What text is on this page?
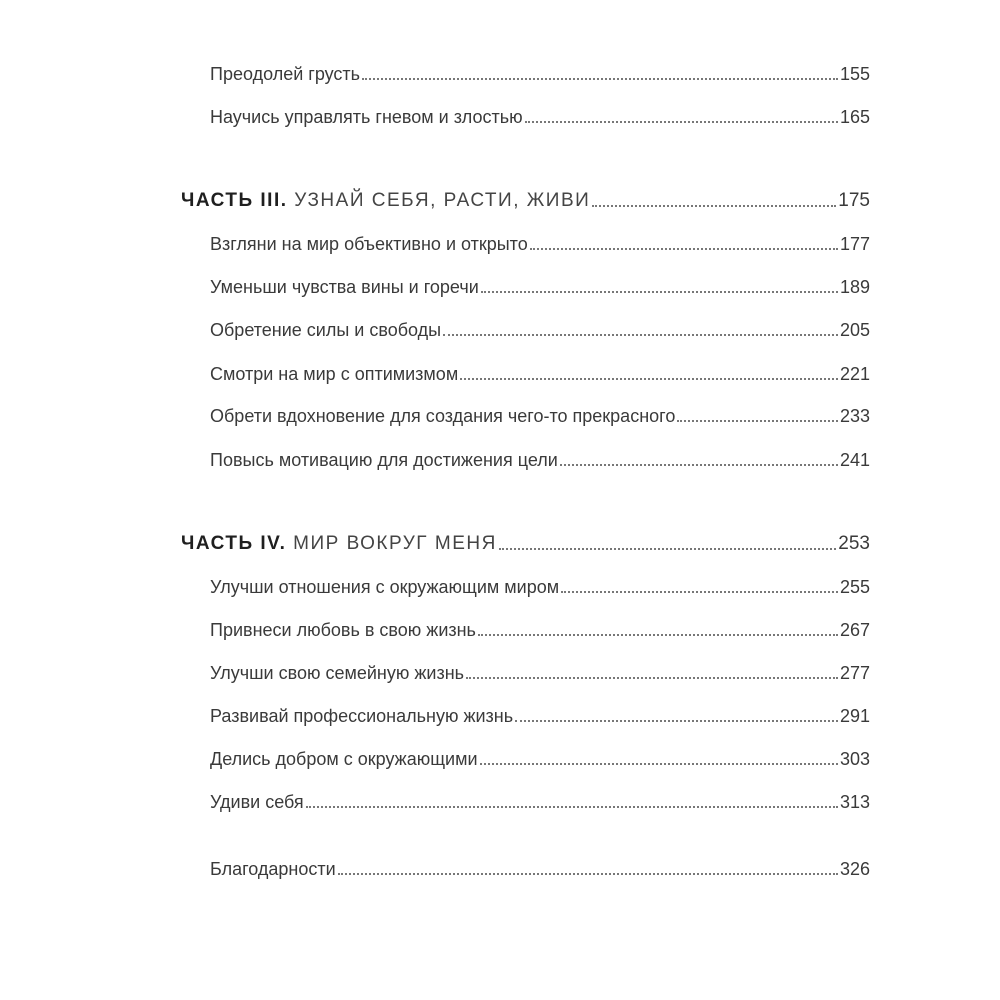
Преодолей грусть	155
Научись управлять гневом и злостью	165
ЧАСТЬ III. УЗНАЙ СЕБЯ, РАСТИ, ЖИВИ	175
Взгляни на мир объективно и открыто	177
Уменьши чувства вины и горечи	189
Обретение силы и свободы	205
Смотри на мир с оптимизмом	221
Обрети вдохновение для создания чего-то прекрасного	233
Повысь мотивацию для достижения цели	241
ЧАСТЬ IV. МИР ВОКРУГ МЕНЯ	253
Улучши отношения с окружающим миром	255
Привнеси любовь в свою жизнь	267
Улучши свою семейную жизнь	277
Развивай профессиональную жизнь	291
Делись добром с окружающими	303
Удиви себя	313
Благодарности	326
